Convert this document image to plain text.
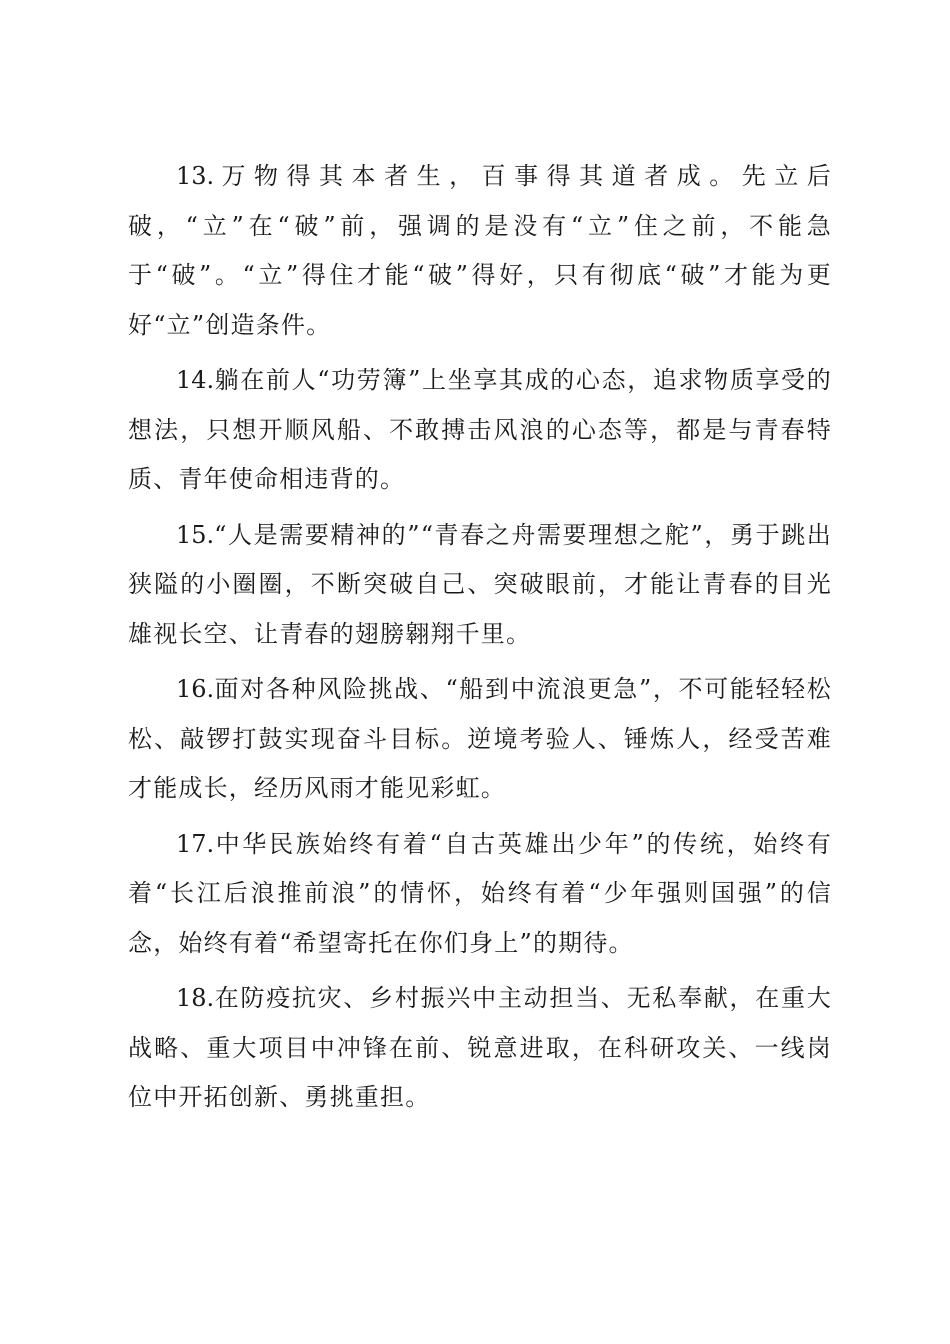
13.万物得其本者生，百事得其道者成。先立后破，“立”在“破”前，强调的是没有“立”住之前，不能急于“破”。“立”得住才能“破”得好，只有彻底“破”才能为更好“立”创造条件。

14.躺在前人“功劳簿”上坐享其成的心态，追求物质享受的想法，只想开顺风船、不敢搏击风浪的心态等，都是与青春特质、青年使命相违背的。

15.“人是需要精神的”“青春之舟需要理想之舵”，勇于跳出狭隘的小圈圈，不断突破自己、突破眼前，才能让青春的目光雄视长空、让青春的翅膀翱翔千里。

16.面对各种风险挑战、“船到中流浪更急”，不可能轻轻松松、敲锣打鼓实现奋斗目标。逆境考验人、锤炼人，经受苦难才能成长，经历风雨才能见彩虹。

17.中华民族始终有着“自古英雄出少年”的传统，始终有着“长江后浪推前浪”的情怀，始终有着“少年强则国强”的信念，始终有着“希望寄托在你们身上”的期待。

18.在防疫抗灾、乡村振兴中主动担当、无私奉献，在重大战略、重大项目中冲锋在前、锐意进取，在科研攻关、一线岗位中开拓创新、勇挑重担。
